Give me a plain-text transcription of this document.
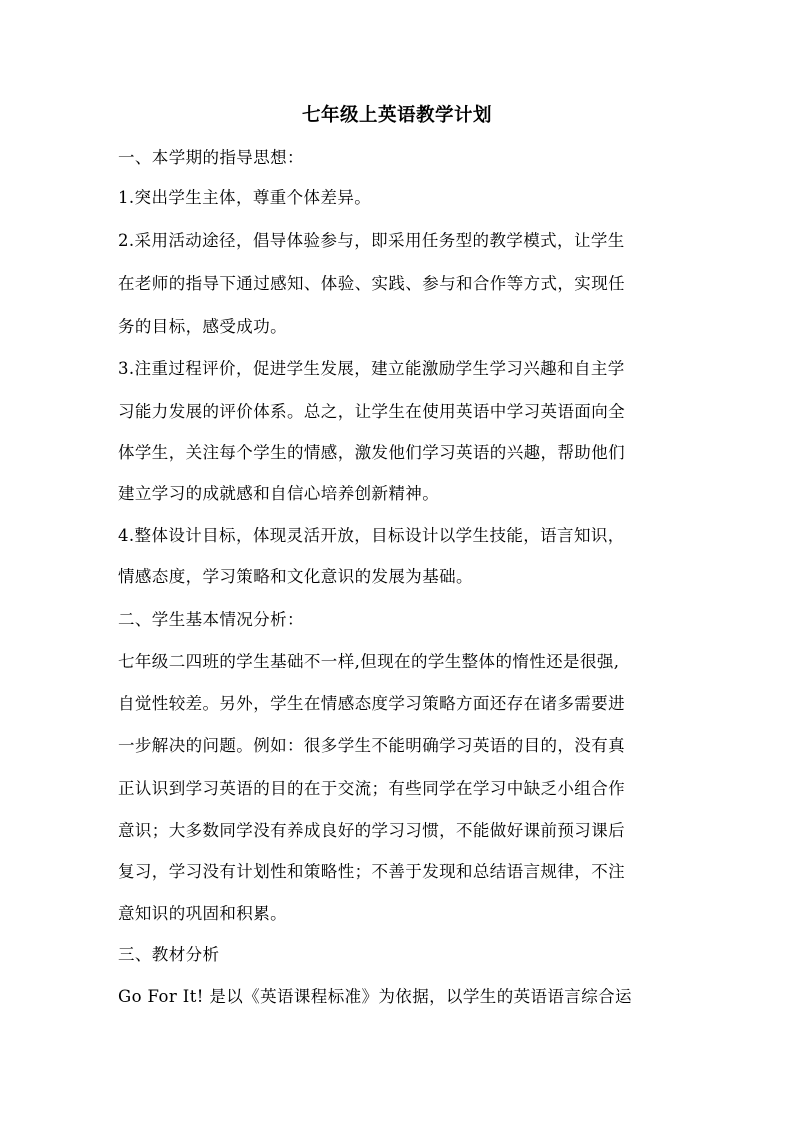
七年级上英语教学计划
一、本学期的指导思想：
1.突出学生主体，尊重个体差异。
2.采用活动途径，倡导体验参与，即采用任务型的教学模式，让学生
在老师的指导下通过感知、体验、实践、参与和合作等方式，实现任
务的目标，感受成功。
3.注重过程评价，促进学生发展，建立能激励学生学习兴趣和自主学
习能力发展的评价体系。总之，让学生在使用英语中学习英语面向全
体学生，关注每个学生的情感，激发他们学习英语的兴趣，帮助他们
建立学习的成就感和自信心培养创新精神。
4.整体设计目标，体现灵活开放，目标设计以学生技能，语言知识，
情感态度，学习策略和文化意识的发展为基础。
二、学生基本情况分析：
七年级二四班的学生基础不一样,但现在的学生整体的惰性还是很强,
自觉性较差。另外，学生在情感态度学习策略方面还存在诸多需要进
一步解决的问题。例如：很多学生不能明确学习英语的目的，没有真
正认识到学习英语的目的在于交流；有些同学在学习中缺乏小组合作
意识；大多数同学没有养成良好的学习习惯，不能做好课前预习课后
复习，学习没有计划性和策略性；不善于发现和总结语言规律，不注
意知识的巩固和积累。
三、教材分析
Go For It! 是以《英语课程标准》为依据，以学生的英语语言综合运
